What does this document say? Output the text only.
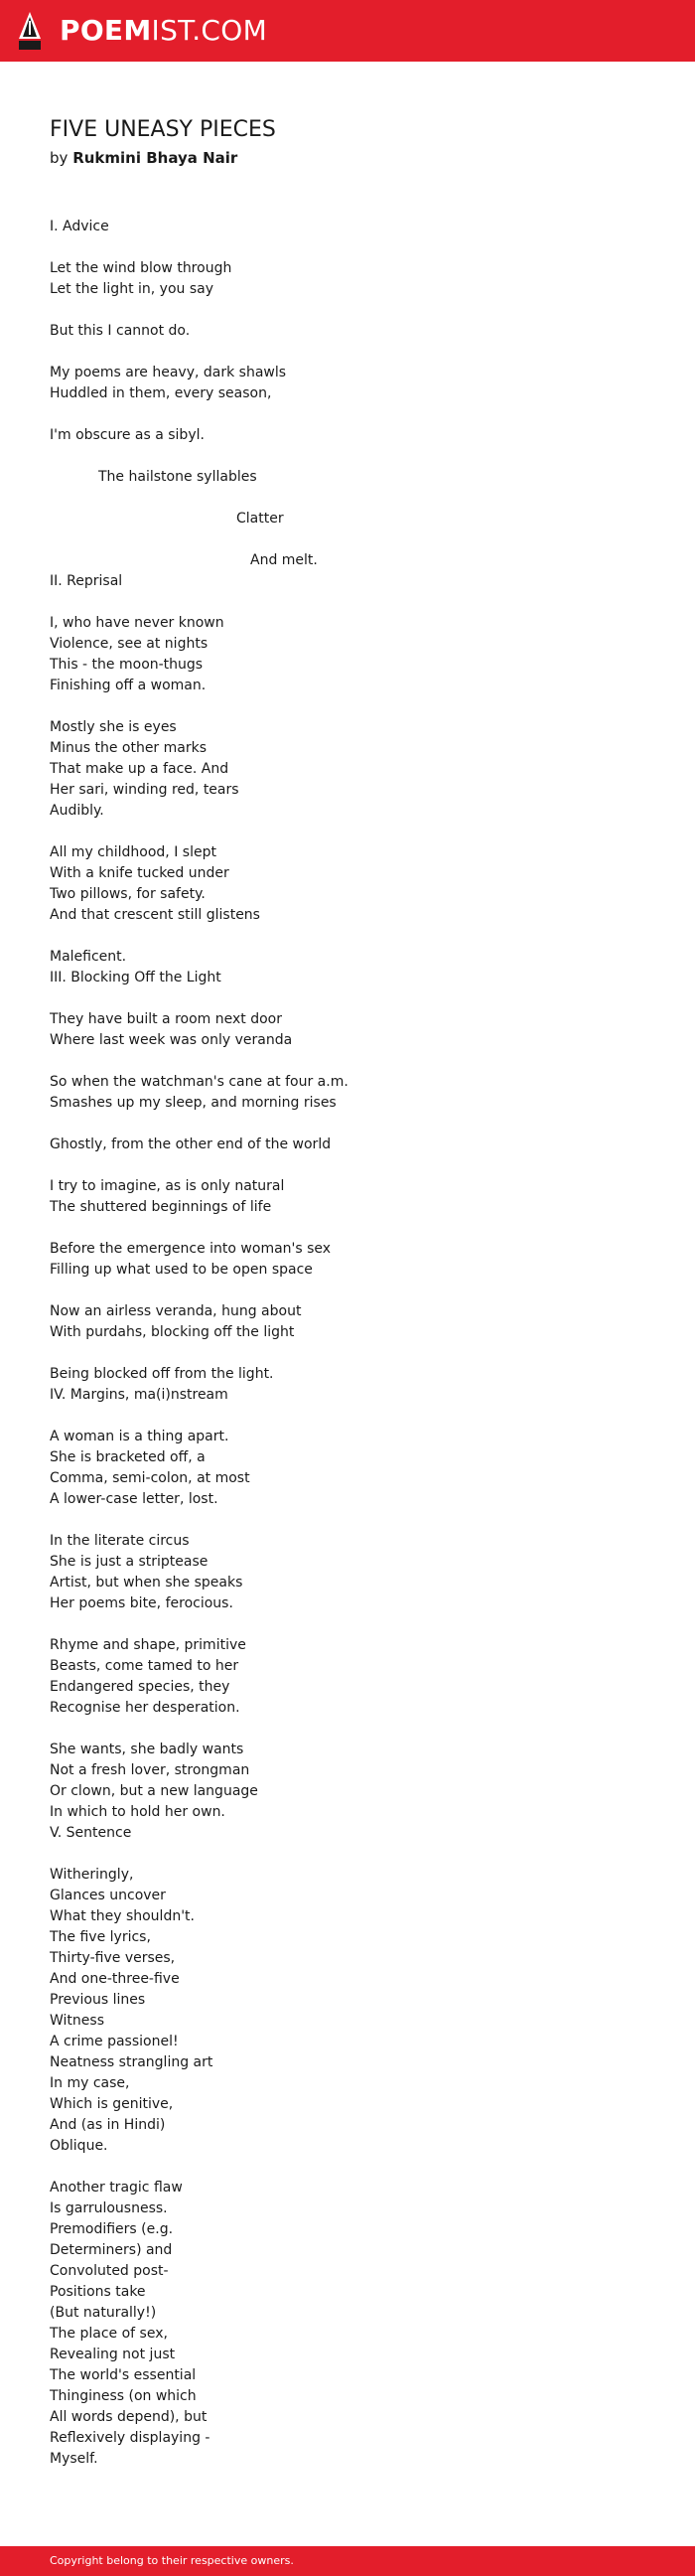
POEMIST.COM
FIVE UNEASY PIECES
by Rukmini Bhaya Nair
I. Advice
Let the wind blow through
Let the light in, you say
But this I cannot do.
My poems are heavy, dark shawls
Huddled in them, every season,
I'm obscure as a sibyl.
The hailstone syllables
Clatter
And melt.
II. Reprisal
I, who have never known
Violence, see at nights
This - the moon-thugs
Finishing off a woman.
Mostly she is eyes
Minus the other marks
That make up a face. And
Her sari, winding red, tears
Audibly.
All my childhood, I slept
With a knife tucked under
Two pillows, for safety.
And that crescent still glistens
Maleficent.
III. Blocking Off the Light
They have built a room next door
Where last week was only veranda
So when the watchman's cane at four a.m.
Smashes up my sleep, and morning rises
Ghostly, from the other end of the world
I try to imagine, as is only natural
The shuttered beginnings of life
Before the emergence into woman's sex
Filling up what used to be open space
Now an airless veranda, hung about
With purdahs, blocking off the light
Being blocked off from the light.
IV. Margins, ma(i)nstream
A woman is a thing apart.
She is bracketed off, a
Comma, semi-colon, at most
A lower-case letter, lost.
In the literate circus
She is just a striptease
Artist, but when she speaks
Her poems bite, ferocious.
Rhyme and shape, primitive
Beasts, come tamed to her
Endangered species, they
Recognise her desperation.
She wants, she badly wants
Not a fresh lover, strongman
Or clown, but a new language
In which to hold her own.
V. Sentence
Witheringly,
Glances uncover
What they shouldn't.
The five lyrics,
Thirty-five verses,
And one-three-five
Previous lines
Witness
A crime passionel!
Neatness strangling art
In my case,
Which is genitive,
And (as in Hindi)
Oblique.
Another tragic flaw
Is garrulousness.
Premodifiers (e.g.
Determiners) and
Convoluted post-
Positions take
(But naturally!)
The place of sex,
Revealing not just
The world's essential
Thinginess (on which
All words depend), but
Reflexively displaying -
Myself.
Copyright belong to their respective owners.
